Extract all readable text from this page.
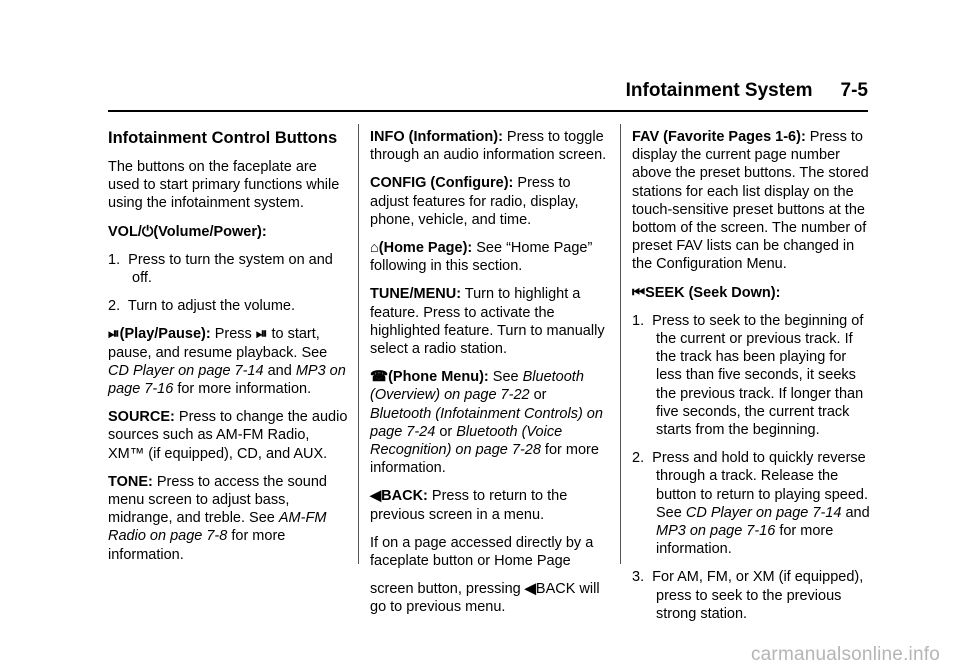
Infotainment System 7-5
Infotainment Control Buttons

The buttons on the faceplate are used to start primary functions while using the infotainment system.

VOL/⏻(Volume/Power):

1.  Press to turn the system on and off.

2.  Turn to adjust the volume.

⏯(Play/Pause): Press ⏯ to start, pause, and resume playback. See CD Player on page 7-14 and MP3 on page 7-16 for more information.

SOURCE: Press to change the audio sources such as AM-FM Radio, XM™ (if equipped), CD, and AUX.

TONE: Press to access the sound menu screen to adjust bass, midrange, and treble. See AM-FM Radio on page 7-8 for more information.

INFO (Information): Press to toggle through an audio information screen.

CONFIG (Configure): Press to adjust features for radio, display, phone, vehicle, and time.

⌂(Home Page): See “Home Page” following in this section.

TUNE/MENU: Turn to highlight a feature. Press to activate the highlighted feature. Turn to manually select a radio station.

☎(Phone Menu): See Bluetooth (Overview) on page 7-22 or Bluetooth (Infotainment Controls) on page 7-24 or Bluetooth (Voice Recognition) on page 7-28 for more information.

◀BACK: Press to return to the previous screen in a menu.

If on a page accessed directly by a faceplate button or Home Page

screen button, pressing ◀BACK will go to previous menu.

FAV (Favorite Pages 1-6): Press to display the current page number above the preset buttons. The stored stations for each list display on the touch-sensitive preset buttons at the bottom of the screen. The number of preset FAV lists can be changed in the Configuration Menu.

⏮SEEK (Seek Down):

1.  Press to seek to the beginning of the current or previous track. If the track has been playing for less than five seconds, it seeks the previous track. If longer than five seconds, the current track starts from the beginning.

2.  Press and hold to quickly reverse through a track. Release the button to return to playing speed. See CD Player on page 7-14 and MP3 on page 7-16 for more information.

3.  For AM, FM, or XM (if equipped), press to seek to the previous strong station.

carmanualsonline.info
